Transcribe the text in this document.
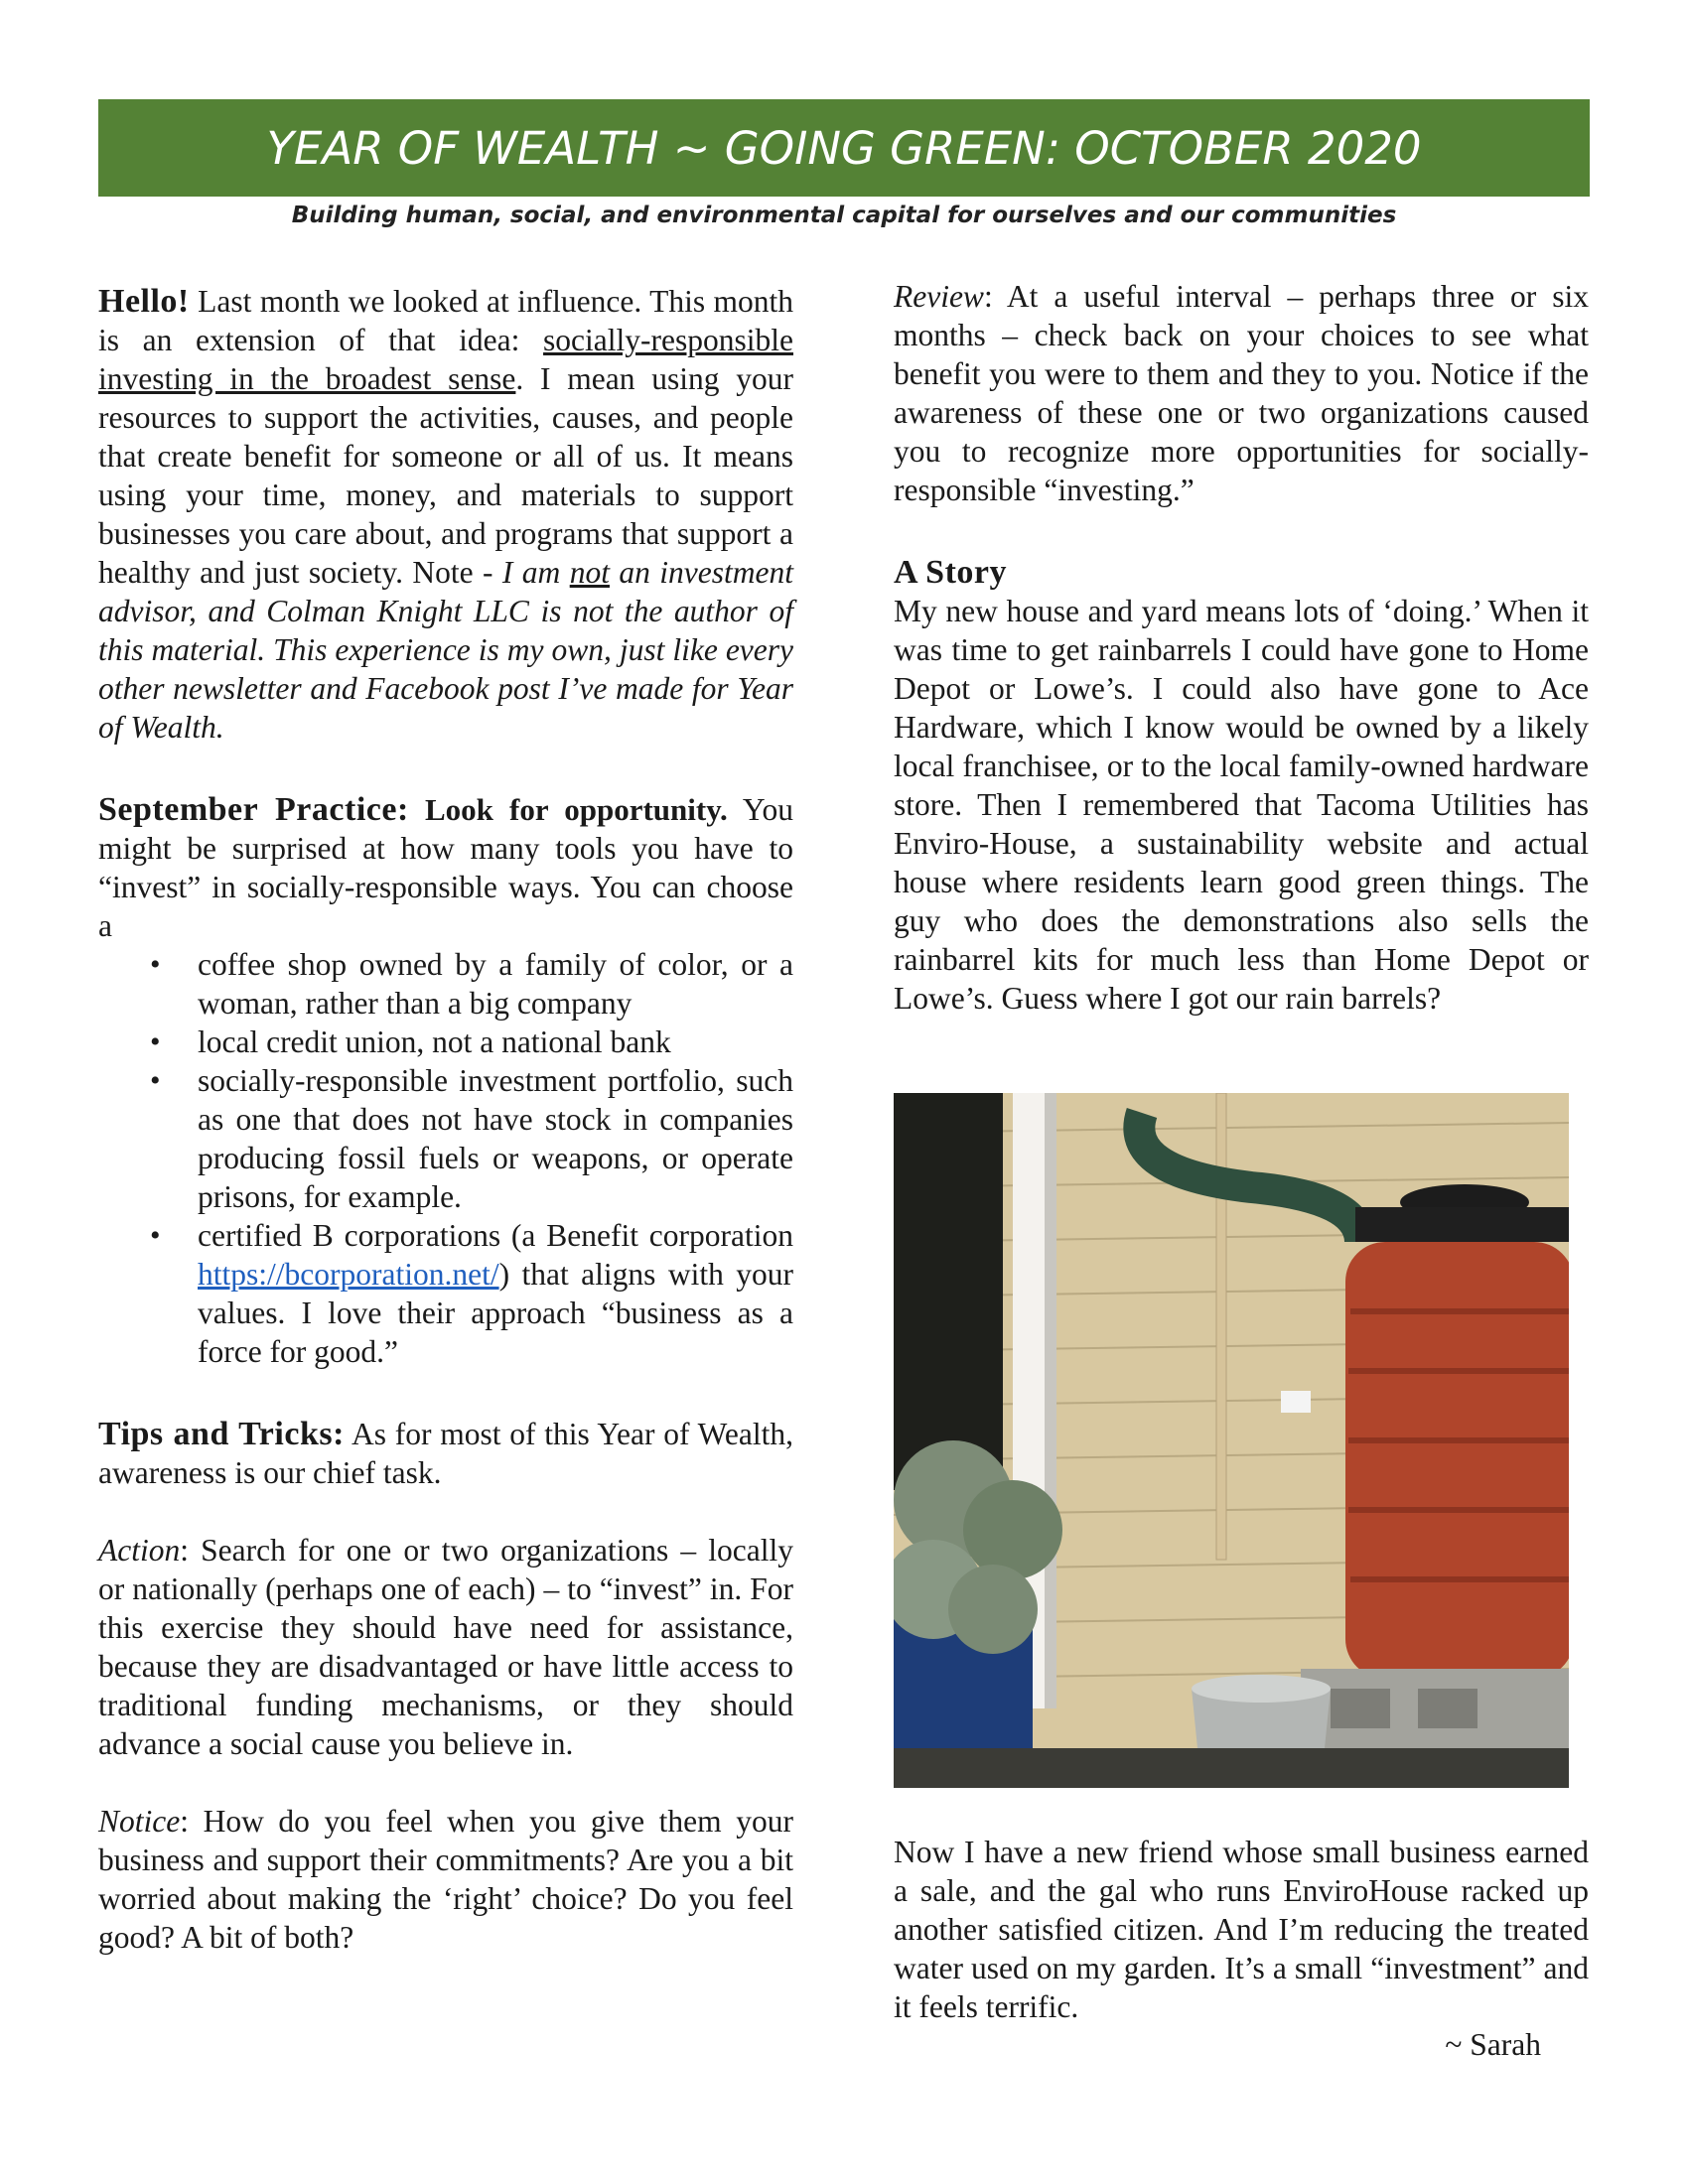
YEAR OF WEALTH ~ GOING GREEN: OCTOBER 2020
Building human, social, and environmental capital for ourselves and our communities

Hello! Last month we looked at influence. This month is an extension of that idea: socially-responsible investing in the broadest sense. I mean using your resources to support the activities, causes, and people that create benefit for someone or all of us. It means using your time, money, and materials to support businesses you care about, and programs that support a healthy and just society. Note - I am not an investment advisor, and Colman Knight LLC is not the author of this material. This experience is my own, just like every other newsletter and Facebook post I’ve made for Year of Wealth.

September Practice: Look for opportunity. You might be surprised at how many tools you have to “invest” in socially-responsible ways. You can choose a

• coffee shop owned by a family of color, or a woman, rather than a big company
• local credit union, not a national bank
• socially-responsible investment portfolio, such as one that does not have stock in companies producing fossil fuels or weapons, or operate prisons, for example.
• certified B corporations (a Benefit corporation https://bcorporation.net/) that aligns with your values. I love their approach “business as a force for good.”

Tips and Tricks: As for most of this Year of Wealth, awareness is our chief task.

Action: Search for one or two organizations – locally or nationally (perhaps one of each) – to “invest” in. For this exercise they should have need for assistance, because they are disadvantaged or have little access to traditional funding mechanisms, or they should advance a social cause you believe in.

Notice: How do you feel when you give them your business and support their commitments? Are you a bit worried about making the ‘right’ choice? Do you feel good? A bit of both?

Review: At a useful interval – perhaps three or six months – check back on your choices to see what benefit you were to them and they to you. Notice if the awareness of these one or two organizations caused you to recognize more opportunities for socially-responsible “investing.”

A Story

My new house and yard means lots of ‘doing.’ When it was time to get rainbarrels I could have gone to Home Depot or Lowe’s. I could also have gone to Ace Hardware, which I know would be owned by a likely local franchisee, or to the local family-owned hardware store. Then I remembered that Tacoma Utilities has Enviro-House, a sustainability website and actual house where residents learn good green things. The guy who does the demonstrations also sells the rainbarrel kits for much less than Home Depot or Lowe’s. Guess where I got our rain barrels?

Now I have a new friend whose small business earned a sale, and the gal who runs EnviroHouse racked up another satisfied citizen. And I’m reducing the treated water used on my garden. It’s a small “investment” and it feels terrific.

~ Sarah
